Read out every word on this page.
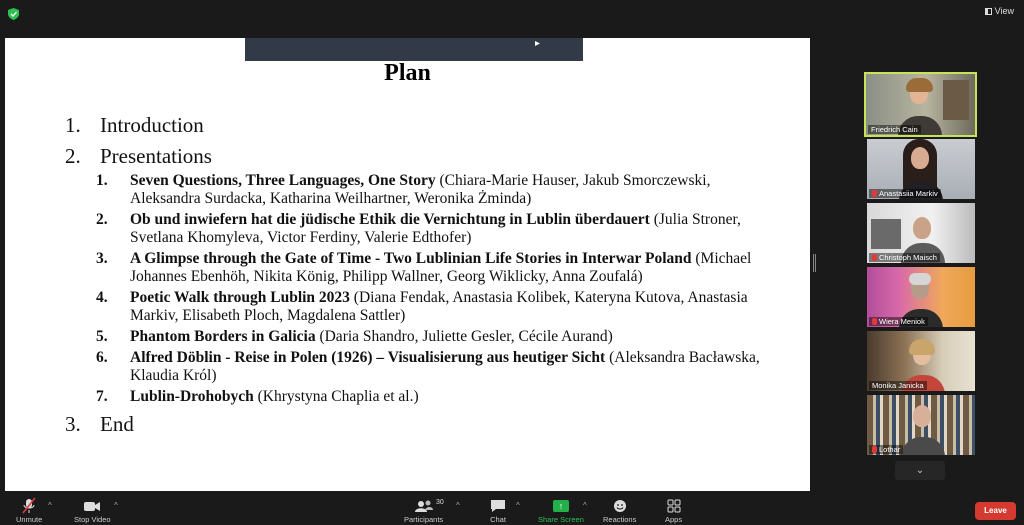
View
Plan
1. Introduction
2. Presentations
1.	Seven Questions, Three Languages, One Story (Chiara-Marie Hauser, Jakub Smorczewski, Aleksandra Surdacka, Katharina Weilhartner, Weronika Żminda)
2.	Ob und inwiefern hat die jüdische Ethik die Vernichtung in Lublin überdauert (Julia Stroner, Svetlana Khomyleva, Victor Ferdiny, Valerie Edthofer)
3.	A Glimpse through the Gate of Time - Two Lublinian Life Stories in Interwar Poland (Michael Johannes Ebenhöh, Nikita König, Philipp Wallner, Georg Wiklicky, Anna Zoufalá)
4.	Poetic Walk through Lublin 2023 (Diana Fendak, Anastasia Kolibek, Kateryna Kutova, Anastasia Markiv, Elisabeth Ploch, Magdalena Sattler)
5.	Phantom Borders in Galicia (Daria Shandro, Juliette Gesler, Cécile Aurand)
6.	Alfred Döblin - Reise in Polen (1926) – Visualisierung aus heutiger Sicht (Aleksandra Bacławska, Klaudia Król)
7.	Lublin-Drohobych (Khrystyna Chaplia et al.)
3. End
Friedrich Cain
Anastasiia Markiv
Christoph Maisch
Wiera Meniok
Monika Janicka
Lothar
⌄
Unmute
^
Stop Video
^
Participants
30 ^
Chat
^	↑
Share Screen
^
Reactions	Apps
Leave
